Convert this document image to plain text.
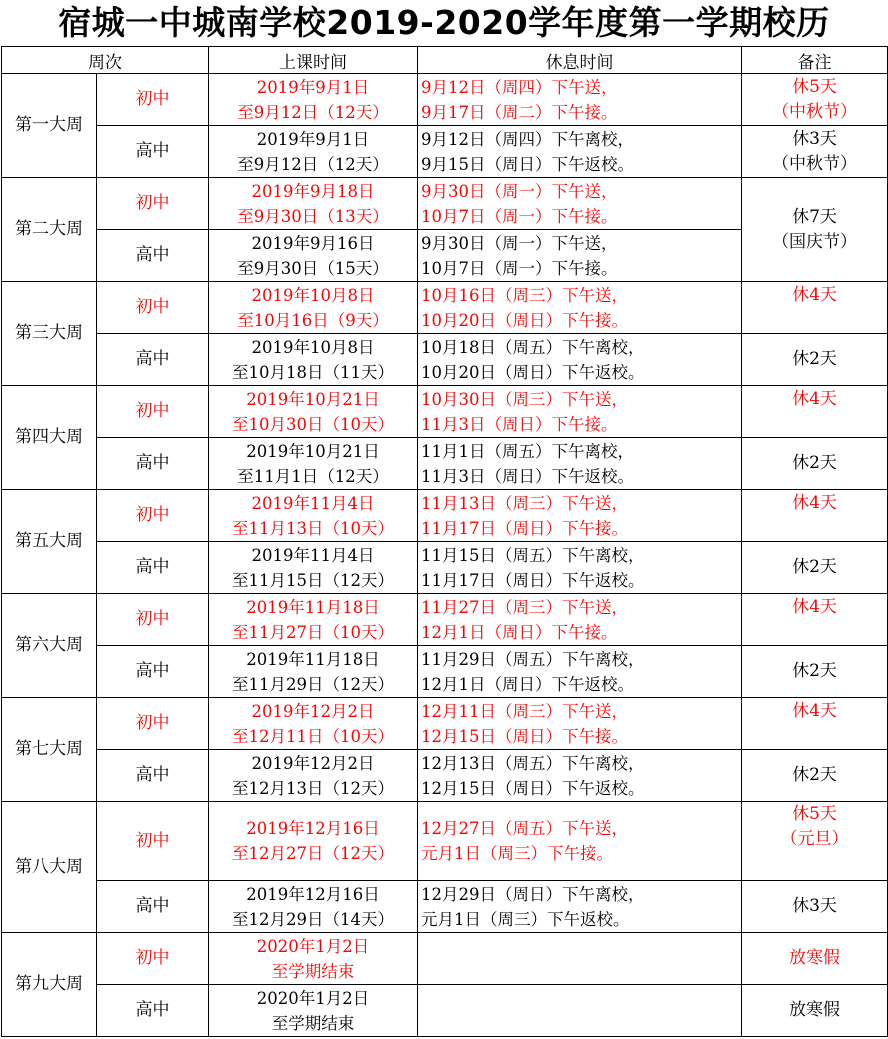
宿城一中城南学校2019-2020学年度第一学期校历
周次		上课时间	休息时间	备注
第一大周	初中	2019年9月1日
至9月12日（12天）	9月12日（周四）下午送，
9月17日（周二）下午接。	休5天
（中秋节）

	高中	2019年9月1日
至9月12日（12天）	9月12日（周四）下午离校，
9月15日（周日）下午返校。	休3天
（中秋节）

第二大周	初中	2019年9月18日
至9月30日（13天）	9月30日（周一）下午送，
10月7日（周一）下午接。	休7天
（国庆节）

	高中	2019年9月16日
至9月30日（15天）	9月30日（周一）下午送，
10月7日（周一）下午接。	

第三大周	初中	2019年10月8日
至10月16日（9天）	10月16日（周三）下午送，
10月20日（周日）下午接。	休4天

	高中	2019年10月8日
至10月18日（11天）	10月18日（周五）下午离校，
10月20日（周日）下午返校。	休2天

第四大周	初中	2019年10月21日
至10月30日（10天）	10月30日（周三）下午送，
11月3日（周日）下午接。	休4天

	高中	2019年10月21日
至11月1日（12天）	11月1日（周五）下午离校，
11月3日（周日）下午返校。	休2天

第五大周	初中	2019年11月4日
至11月13日（10天）	11月13日（周三）下午送，
11月17日（周日）下午接。	休4天

	高中	2019年11月4日
至11月15日（12天）	11月15日（周五）下午离校，
11月17日（周日）下午返校。	休2天

第六大周	初中	2019年11月18日
至11月27日（10天）	11月27日（周三）下午送，
12月1日（周日）下午接。	休4天

	高中	2019年11月18日
至11月29日（12天）	11月29日（周五）下午离校，
12月1日（周日）下午返校。	休2天

第七大周	初中	2019年12月2日
至12月11日（10天）	12月11日（周三）下午送，
12月15日（周日）下午接。	休4天

	高中	2019年12月2日
至12月13日（12天）	12月13日（周五）下午离校，
12月15日（周日）下午返校。	休2天

第八大周	初中	2019年12月16日
至12月27日（12天）	12月27日（周五）下午送，
元月1日（周三）下午接。	休5天
（元旦）

	高中	2019年12月16日
至12月29日（14天）	12月29日（周日）下午离校，
元月1日（周三）下午返校。	休3天

第九大周	初中	2020年1月2日
至学期结束		放寒假

	高中	2020年1月2日
至学期结束		放寒假
